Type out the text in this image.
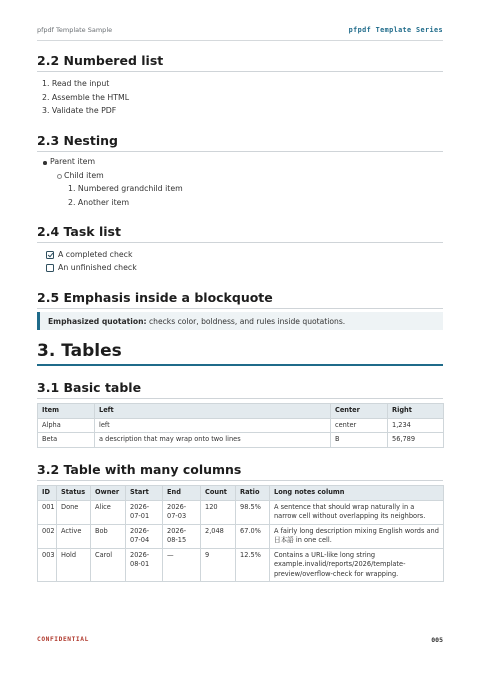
pfpdf Template Sample	pfpdf Template Series
2.2 Numbered list
1. Read the input
2. Assemble the HTML
3. Validate the PDF
2.3 Nesting
Parent item
Child item
1. Numbered grandchild item
2. Another item
2.4 Task list
A completed check
An unfinished check
2.5 Emphasis inside a blockquote
Emphasized quotation: checks color, boldness, and rules inside quotations.
3. Tables
3.1 Basic table
Item	Left	Center	Right
Alpha	left	center	1,234
Beta	a description that may wrap onto two lines	B	56,789
3.2 Table with many columns
ID	Status	Owner	Start	End	Count	Ratio	Long notes column
001	Done	Alice	2026-07-01	2026-07-03	120	98.5%	A sentence that should wrap naturally in a narrow cell without overlapping its neighbors.
002	Active	Bob	2026-07-04	2026-08-15	2,048	67.0%	A fairly long description mixing English words and 日本語 in one cell.
003	Hold	Carol	2026-08-01	—	9	12.5%	Contains a URL-like long string example.invalid/reports/2026/template-preview/overflow-check for wrapping.
CONFIDENTIAL	005
